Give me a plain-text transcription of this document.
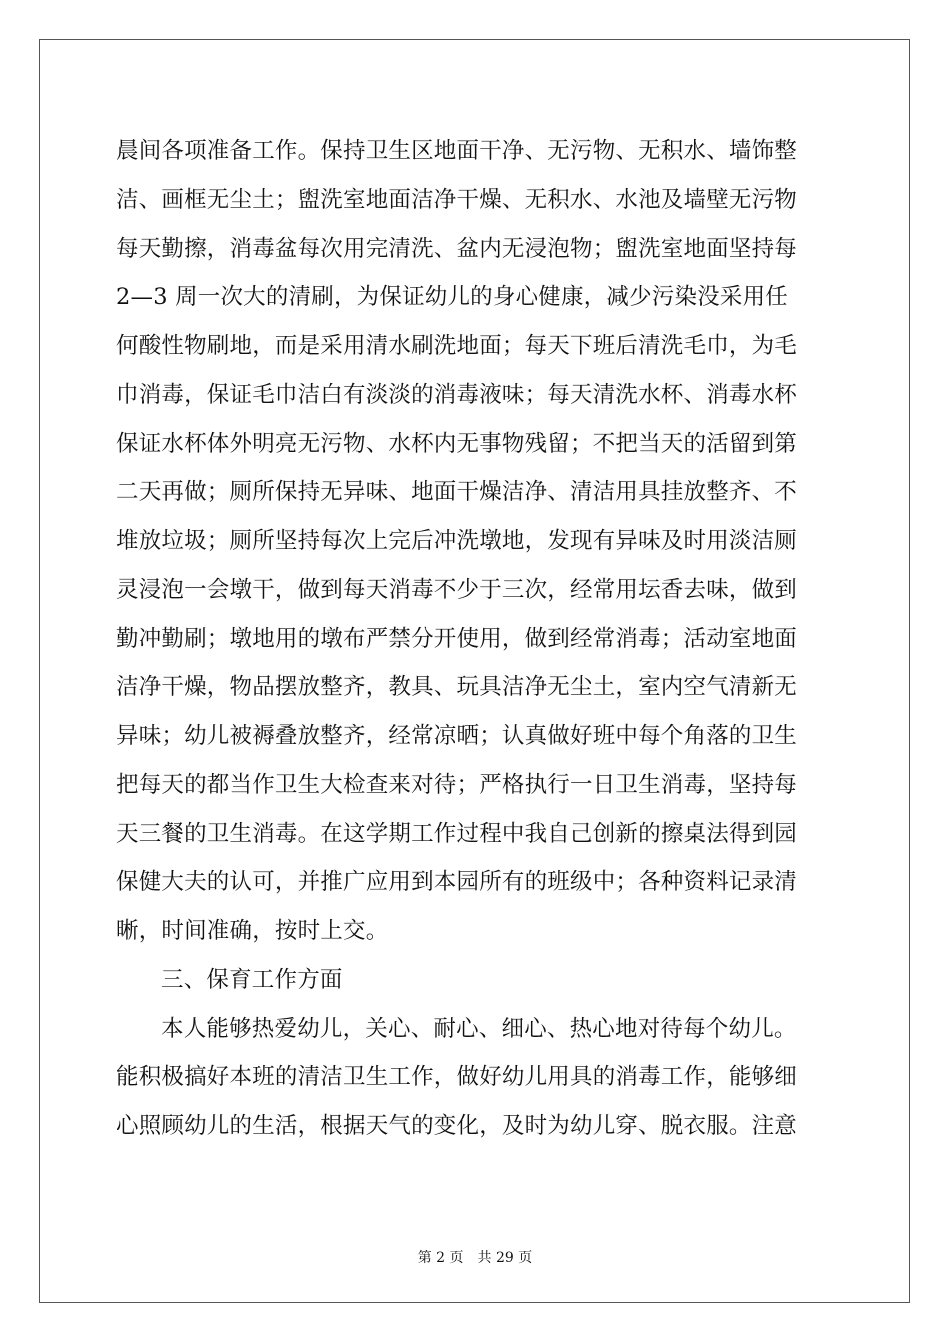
晨间各项准备工作。保持卫生区地面干净、无污物、无积水、墙饰整
洁、画框无尘土；盥洗室地面洁净干燥、无积水、水池及墙壁无污物
每天勤擦，消毒盆每次用完清洗、盆内无浸泡物；盥洗室地面坚持每
2—3 周一次大的清刷，为保证幼儿的身心健康，减少污染没采用任
何酸性物刷地，而是采用清水刷洗地面；每天下班后清洗毛巾，为毛
巾消毒，保证毛巾洁白有淡淡的消毒液味；每天清洗水杯、消毒水杯
保证水杯体外明亮无污物、水杯内无事物残留；不把当天的活留到第
二天再做；厕所保持无异味、地面干燥洁净、清洁用具挂放整齐、不
堆放垃圾；厕所坚持每次上完后冲洗墩地，发现有异味及时用淡洁厕
灵浸泡一会墩干，做到每天消毒不少于三次，经常用坛香去味，做到
勤冲勤刷；墩地用的墩布严禁分开使用，做到经常消毒；活动室地面
洁净干燥，物品摆放整齐，教具、玩具洁净无尘土，室内空气清新无
异味；幼儿被褥叠放整齐，经常凉晒；认真做好班中每个角落的卫生
把每天的都当作卫生大检查来对待；严格执行一日卫生消毒，坚持每
天三餐的卫生消毒。在这学期工作过程中我自己创新的擦桌法得到园
保健大夫的认可，并推广应用到本园所有的班级中；各种资料记录清
晰，时间准确，按时上交。
三、保育工作方面
本人能够热爱幼儿，关心、耐心、细心、热心地对待每个幼儿。
能积极搞好本班的清洁卫生工作，做好幼儿用具的消毒工作，能够细
心照顾幼儿的生活，根据天气的变化，及时为幼儿穿、脱衣服。注意
第 2 页　共 29 页
